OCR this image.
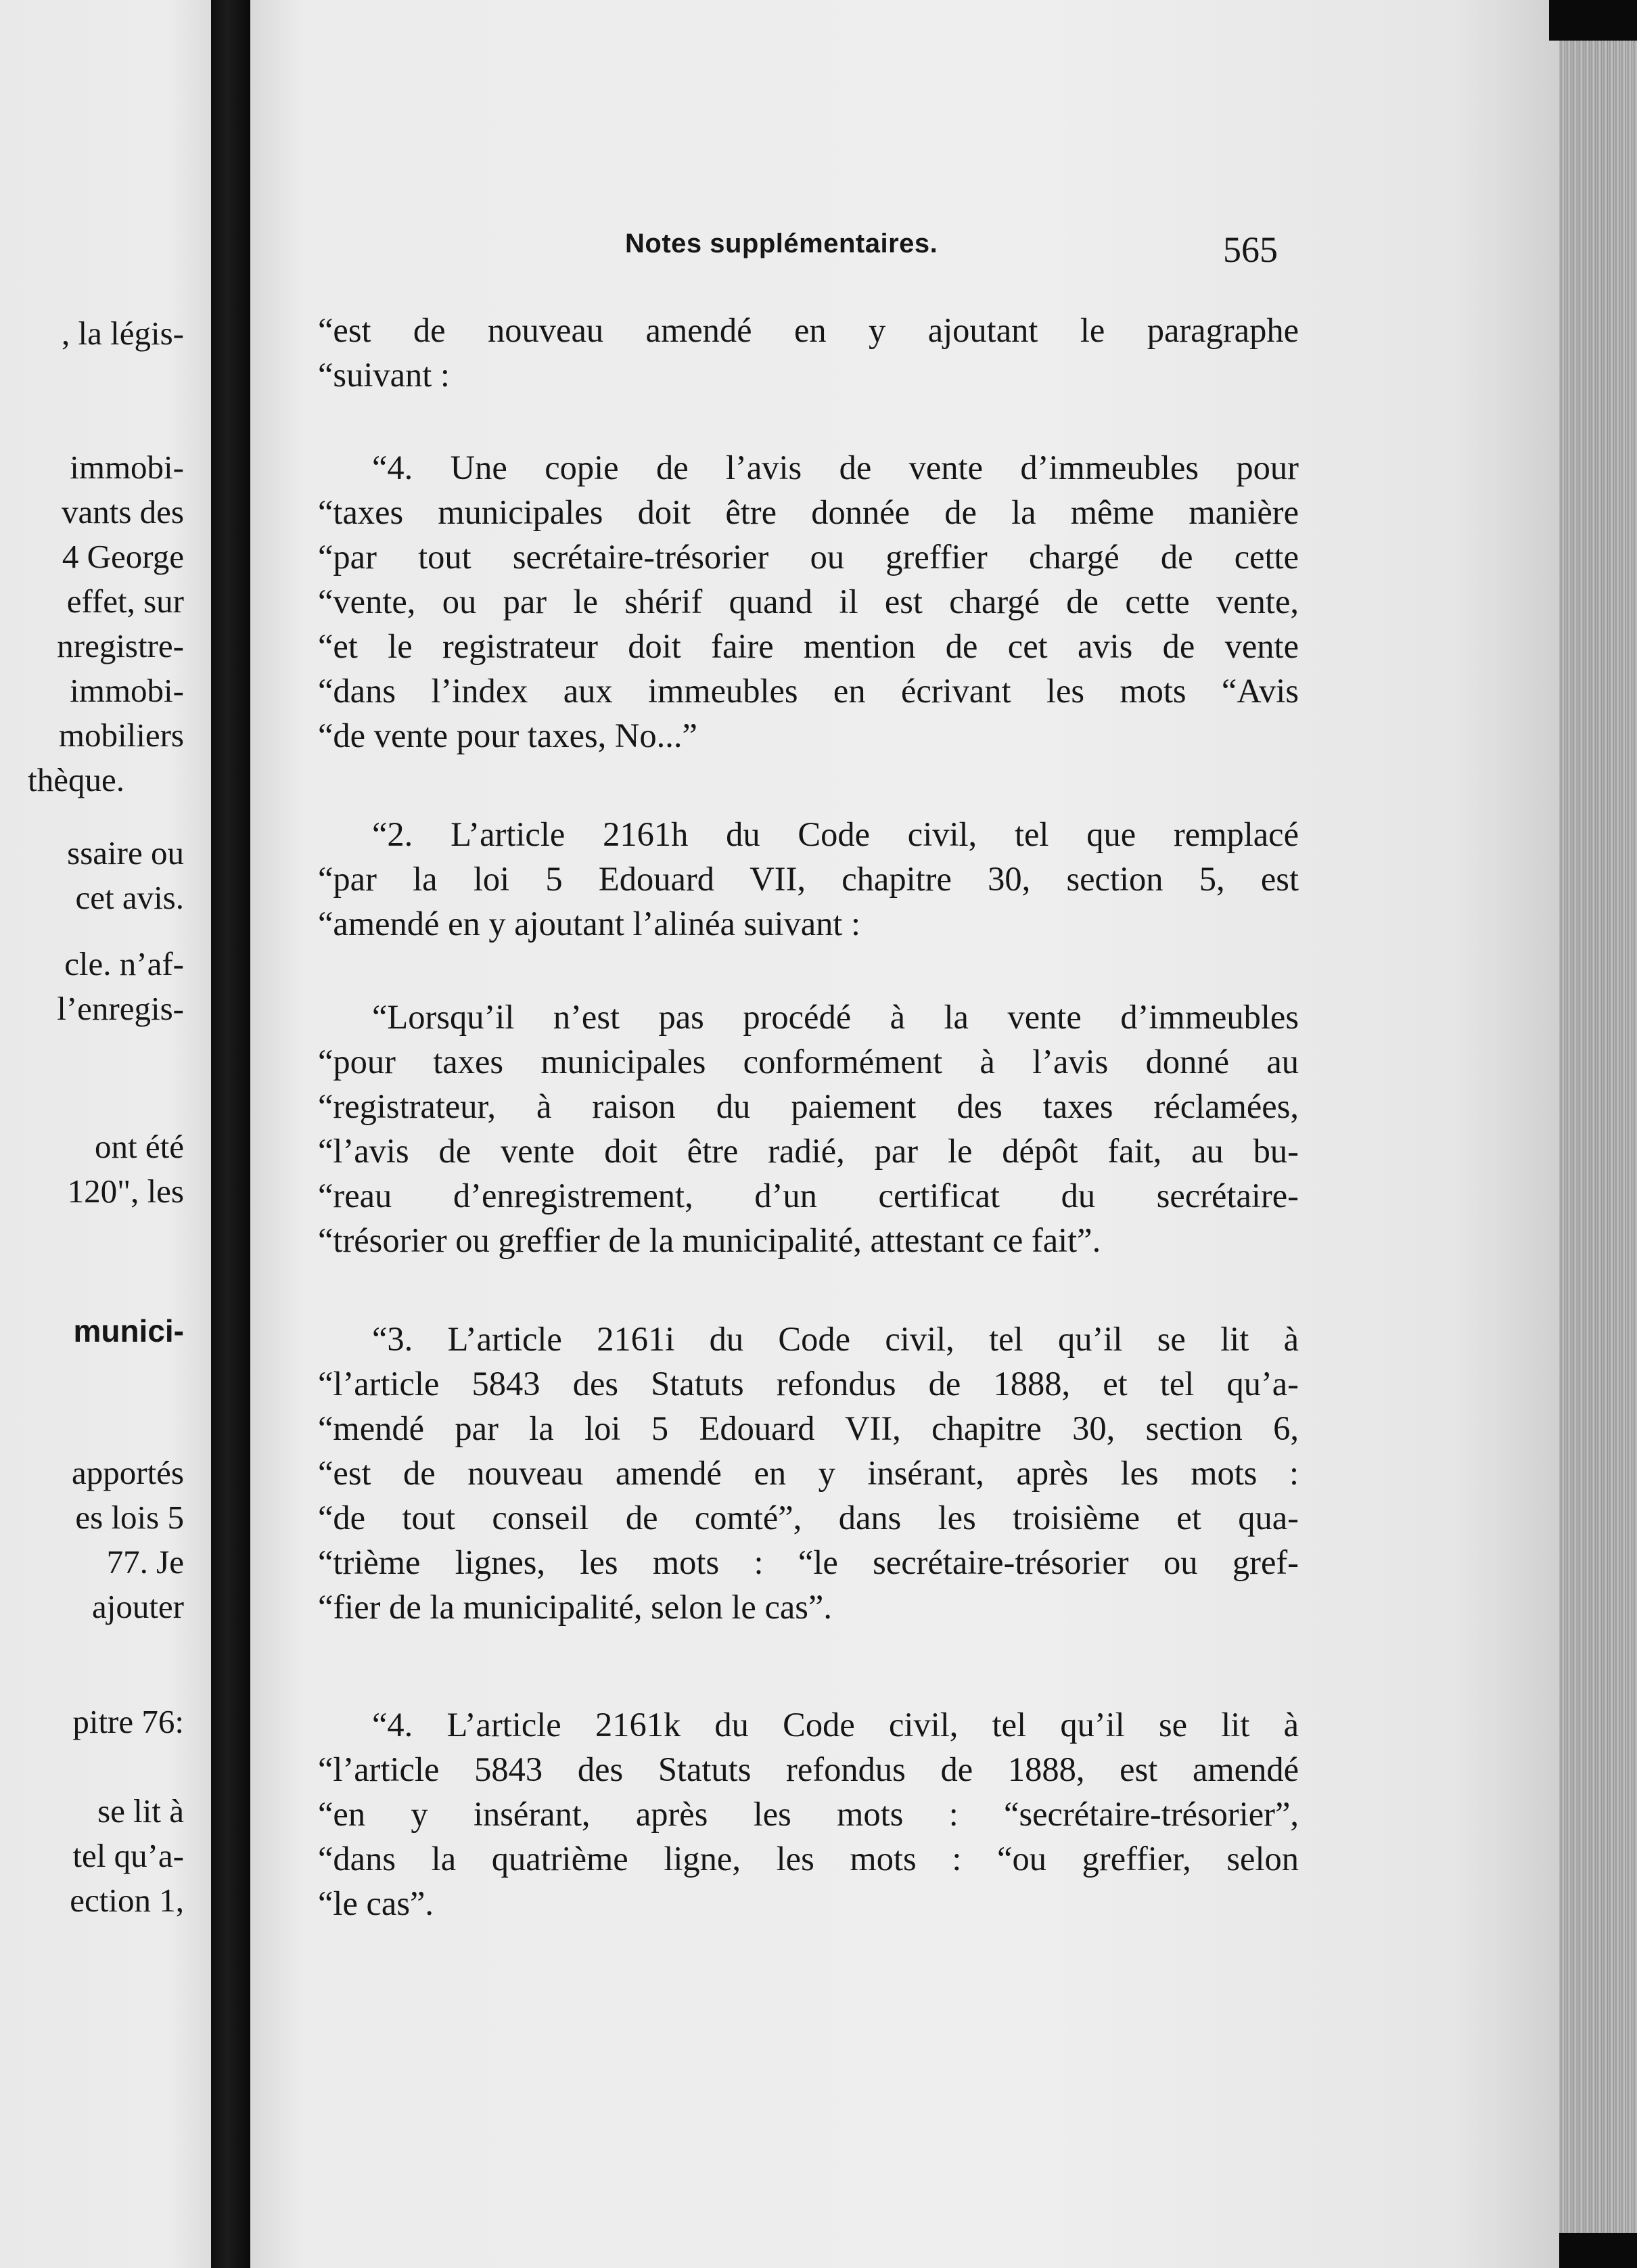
, la légis-
immobi-
vants des
4 George
effet, sur
nregistre-
immobi-
mobiliers
thèque.
ssaire ou
cet avis.
cle. n’af-
l’enregis-
ont été
120", les
munici-
apportés
es lois 5
77. Je
ajouter
pitre 76:
se lit à
tel qu’a-
ection 1,
Notes supplémentaires.	565
“est de nouveau amendé en y ajoutant le paragraphe
“suivant :
“4. Une copie de l’avis de vente d’immeubles pour
“taxes municipales doit être donnée de la même manière
“par tout secrétaire-trésorier ou greffier chargé de cette
“vente, ou par le shérif quand il est chargé de cette vente,
“et le registrateur doit faire mention de cet avis de vente
“dans l’index aux immeubles en écrivant les mots “Avis
“de vente pour taxes, No...”
“2. L’article 2161h du Code civil, tel que remplacé
“par la loi 5 Edouard VII, chapitre 30, section 5, est
“amendé en y ajoutant l’alinéa suivant :
“Lorsqu’il n’est pas procédé à la vente d’immeubles
“pour taxes municipales conformément à l’avis donné au
“registrateur, à raison du paiement des taxes réclamées,
“l’avis de vente doit être radié, par le dépôt fait, au bu-
“reau d’enregistrement, d’un certificat du secrétaire-
“trésorier ou greffier de la municipalité, attestant ce fait”.
“3. L’article 2161i du Code civil, tel qu’il se lit à
“l’article 5843 des Statuts refondus de 1888, et tel qu’a-
“mendé par la loi 5 Edouard VII, chapitre 30, section 6,
“est de nouveau amendé en y insérant, après les mots :
“de tout conseil de comté”, dans les troisième et qua-
“trième lignes, les mots : “le secrétaire-trésorier ou gref-
“fier de la municipalité, selon le cas”.
“4. L’article 2161k du Code civil, tel qu’il se lit à
“l’article 5843 des Statuts refondus de 1888, est amendé
“en y insérant, après les mots : “secrétaire-trésorier”,
“dans la quatrième ligne, les mots : “ou greffier, selon
“le cas”.
